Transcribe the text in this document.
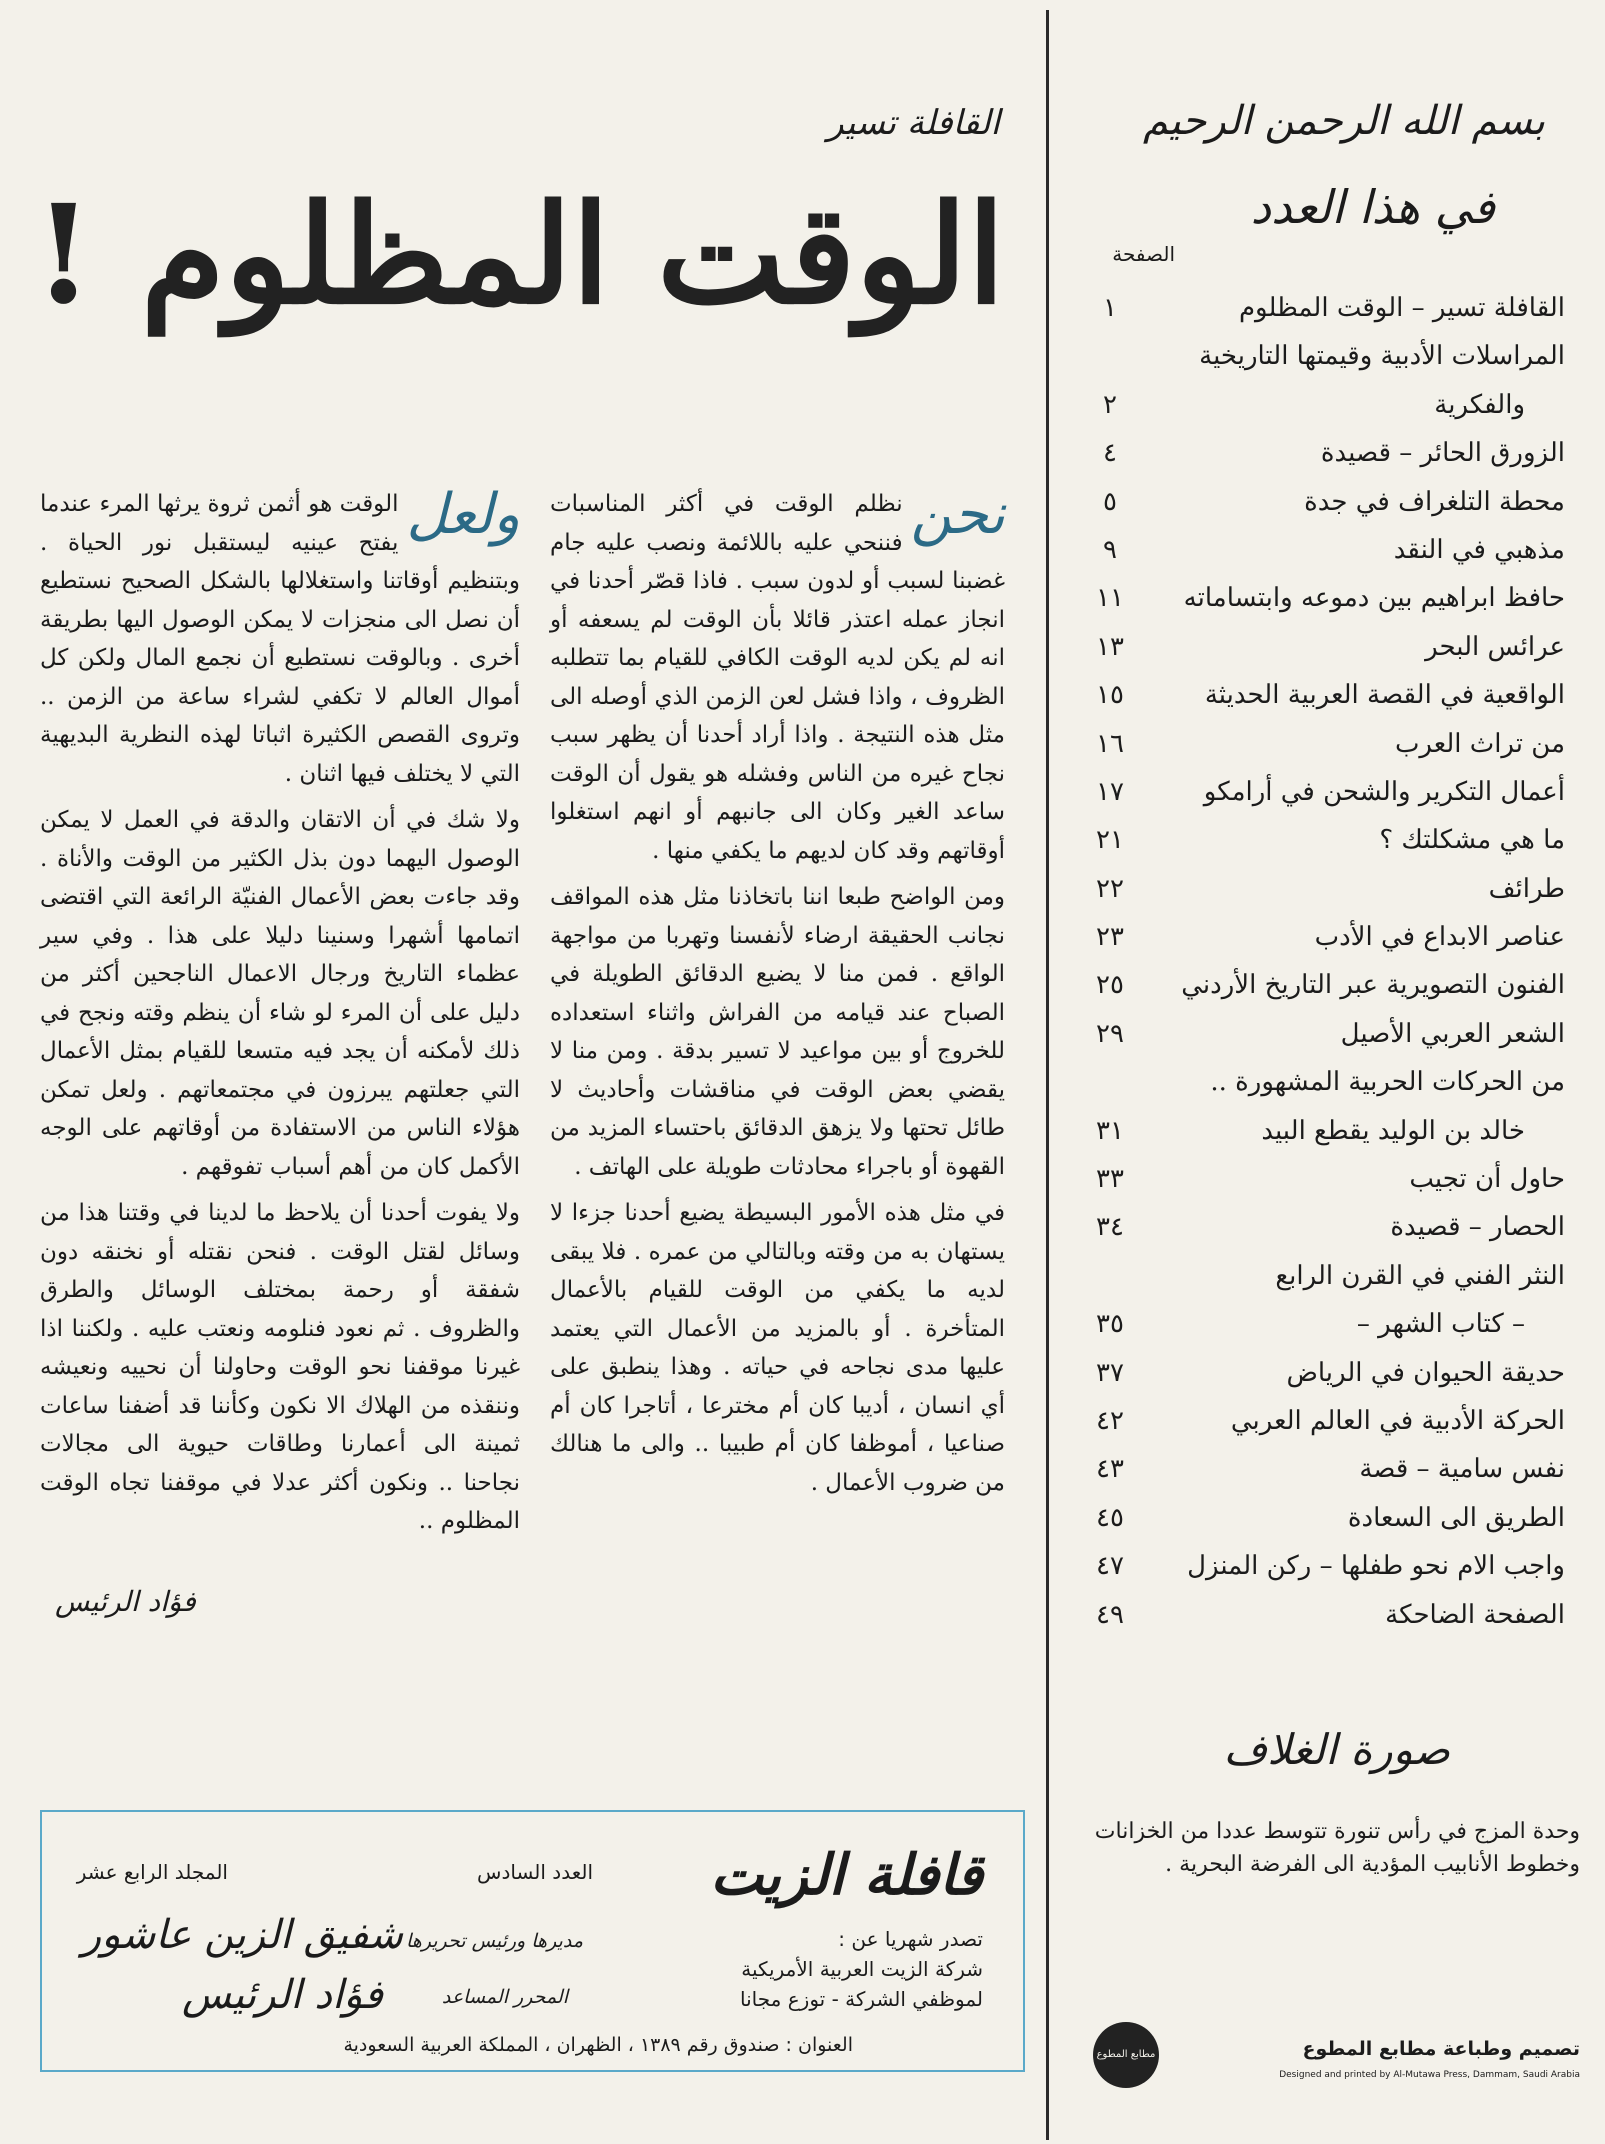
بسم الله الرحمن الرحيم
في هذا العدد
الصفحة
القافلة تسير – الوقت المظلوم
١
المراسلات الأدبية وقيمتها التاريخية
والفكرية
٢
الزورق الحائر – قصيدة
٤
محطة التلغراف في جدة
٥
مذهبي في النقد
٩
حافظ ابراهيم بين دموعه وابتساماته
١١
عرائس البحر
١٣
الواقعية في القصة العربية الحديثة
١٥
من تراث العرب
١٦
أعمال التكرير والشحن في أرامكو
١٧
ما هي مشكلتك ؟
٢١
طرائف
٢٢
عناصر الابداع في الأدب
٢٣
الفنون التصويرية عبر التاريخ الأردني
٢٥
الشعر العربي الأصيل
٢٩
من الحركات الحربية المشهورة ..
خالد بن الوليد يقطع البيد
٣١
حاول أن تجيب
٣٣
الحصار – قصيدة
٣٤
النثر الفني في القرن الرابع
– كتاب الشهر –
٣٥
حديقة الحيوان في الرياض
٣٧
الحركة الأدبية في العالم العربي
٤٢
نفس سامية – قصة
٤٣
الطريق الى السعادة
٤٥
واجب الام نحو طفلها – ركن المنزل
٤٧
الصفحة الضاحكة
٤٩
صورة الغلاف
وحدة المزج في رأس تنورة تتوسط عددا من الخزانات وخطوط الأنابيب المؤدية الى الفرضة البحرية .
تصميم وطباعة مطابع المطوع
Designed and printed by Al-Mutawa Press, Dammam, Saudi Arabia
مطابع المطوع
القافلة تسير
الوقت المظلوم !
نحن

نظلم الوقت في أكثر المناسبات فننحي عليه باللائمة ونصب عليه جام غضبنا لسبب أو لدون سبب . فاذا قصّر أحدنا في انجاز عمله اعتذر قائلا بأن الوقت لم يسعفه أو انه لم يكن لديه الوقت الكافي للقيام بما تتطلبه الظروف ، واذا فشل لعن الزمن الذي أوصله الى مثل هذه النتيجة . واذا أراد أحدنا أن يظهر سبب نجاح غيره من الناس وفشله هو يقول أن الوقت ساعد الغير وكان الى جانبهم أو انهم استغلوا أوقاتهم وقد كان لديهم ما يكفي منها .

ومن الواضح طبعا اننا باتخاذنا مثل هذه المواقف نجانب الحقيقة ارضاء لأنفسنا وتهربا من مواجهة الواقع . فمن منا لا يضيع الدقائق الطويلة في الصباح عند قيامه من الفراش واثناء استعداده للخروج أو بين مواعيد لا تسير بدقة . ومن منا لا يقضي بعض الوقت في مناقشات وأحاديث لا طائل تحتها ولا يزهق الدقائق باحتساء المزيد من القهوة أو باجراء محادثات طويلة على الهاتف .

في مثل هذه الأمور البسيطة يضيع أحدنا جزءا لا يستهان به من وقته وبالتالي من عمره . فلا يبقى لديه ما يكفي من الوقت للقيام بالأعمال المتأخرة . أو بالمزيد من الأعمال التي يعتمد عليها مدى نجاحه في حياته . وهذا ينطبق على أي انسان ، أديبا كان أم مخترعا ، أتاجرا كان أم صناعيا ، أموظفا كان أم طبيبا .. والى ما هنالك من ضروب الأعمال .

ولعل

الوقت هو أثمن ثروة يرثها المرء عندما يفتح عينيه ليستقبل نور الحياة . وبتنظيم أوقاتنا واستغلالها بالشكل الصحيح نستطيع أن نصل الى منجزات لا يمكن الوصول اليها بطريقة أخرى . وبالوقت نستطيع أن نجمع المال ولكن كل أموال العالم لا تكفي لشراء ساعة من الزمن .. وتروى القصص الكثيرة اثباتا لهذه النظرية البديهية التي لا يختلف فيها اثنان .

ولا شك في أن الاتقان والدقة في العمل لا يمكن الوصول اليهما دون بذل الكثير من الوقت والأناة . وقد جاءت بعض الأعمال الفنيّة الرائعة التي اقتضى اتمامها أشهرا وسنينا دليلا على هذا . وفي سير عظماء التاريخ ورجال الاعمال الناجحين أكثر من دليل على أن المرء لو شاء أن ينظم وقته ونجح في ذلك لأمكنه أن يجد فيه متسعا للقيام بمثل الأعمال التي جعلتهم يبرزون في مجتمعاتهم . ولعل تمكن هؤلاء الناس من الاستفادة من أوقاتهم على الوجه الأكمل كان من أهم أسباب تفوقهم .

ولا يفوت أحدنا أن يلاحظ ما لدينا في وقتنا هذا من وسائل لقتل الوقت . فنحن نقتله أو نخنقه دون شفقة أو رحمة بمختلف الوسائل والطرق والظروف . ثم نعود فنلومه ونعتب عليه . ولكننا اذا غيرنا موقفنا نحو الوقت وحاولنا أن نحييه ونعيشه وننقذه من الهلاك الا نكون وكأننا قد أضفنا ساعات ثمينة الى أعمارنا وطاقات حيوية الى مجالات نجاحنا .. ونكون أكثر عدلا في موقفنا تجاه الوقت المظلوم ..

فؤاد الرئيس
قافلة الزيت
تصدر شهريا عن :
شركة الزيت العربية الأمريكية
لموظفي الشركة - توزع مجانا
العدد السادس
المجلد الرابع عشر
مديرها ورئيس تحريرها
شفيق الزين عاشور
المحرر المساعد
فؤاد الرئيس
العنوان : صندوق رقم ١٣٨٩ ، الظهران ، المملكة العربية السعودية
